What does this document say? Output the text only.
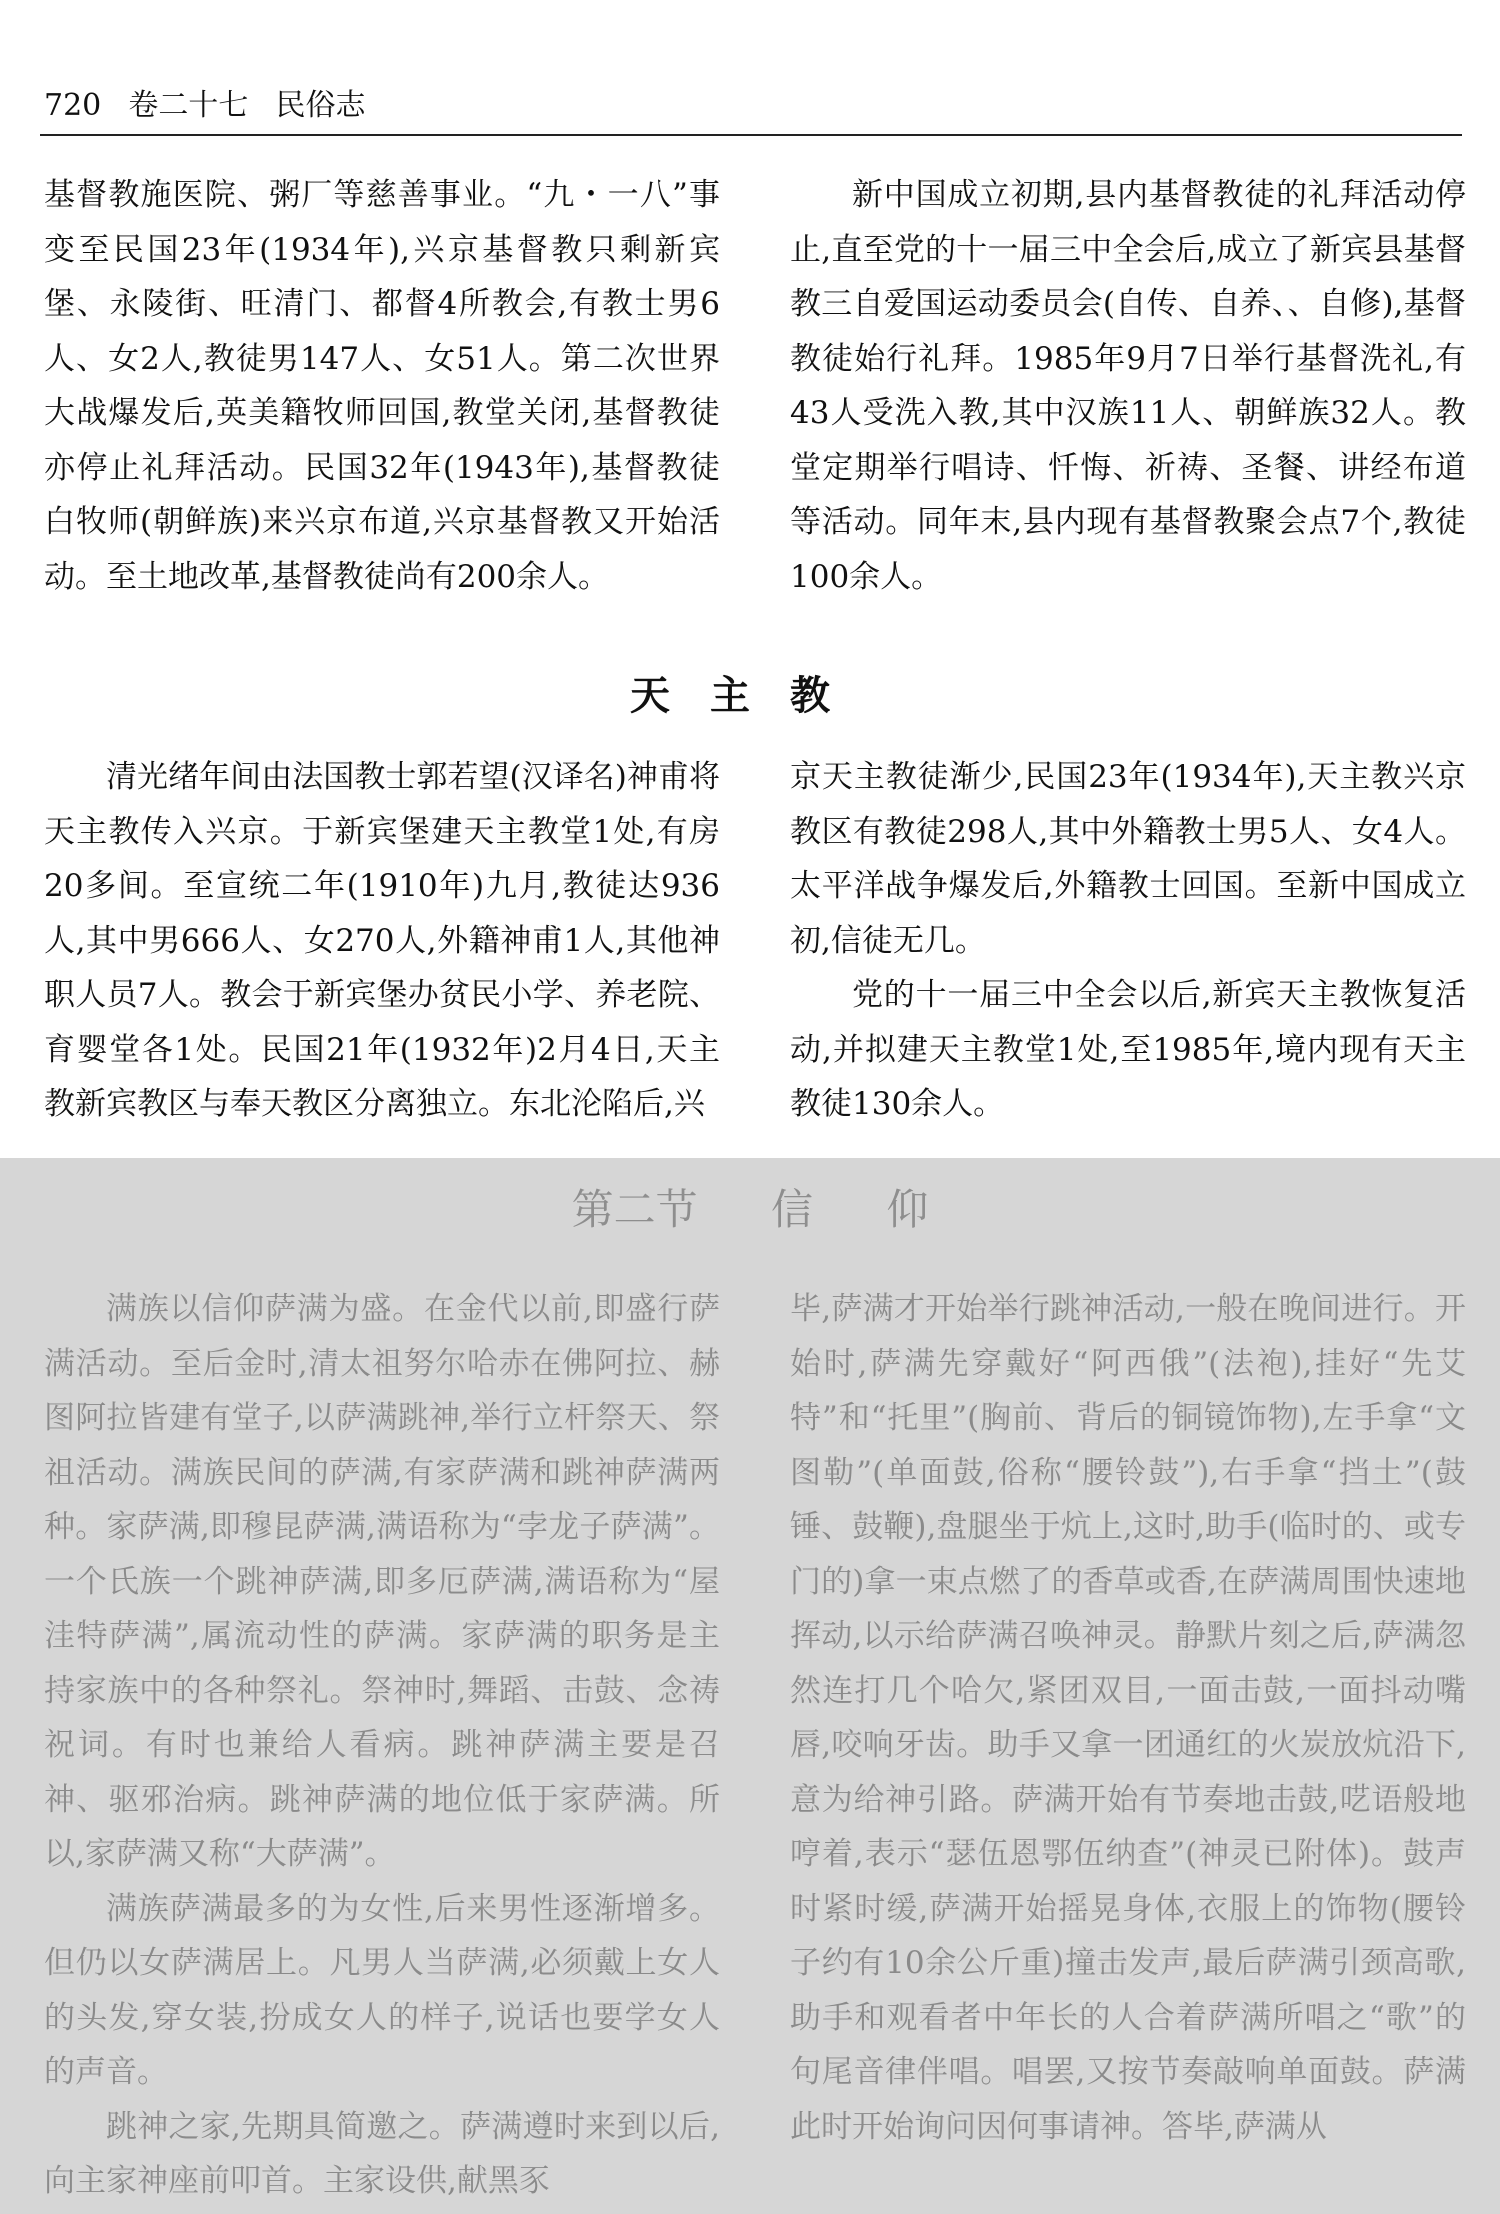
720 卷二十七 民俗志

基督教施医院、粥厂等慈善事业。“九・一八”事变至民国23年(1934年),兴京基督教只剩新宾堡、永陵街、旺清门、都督4所教会,有教士男6人、女2人,教徒男147人、女51人。第二次世界大战爆发后,英美籍牧师回国,教堂关闭,基督教徒亦停止礼拜活动。民国32年(1943年),基督教徒白牧师(朝鲜族)来兴京布道,兴京基督教又开始活动。至土地改革,基督教徒尚有200余人。

新中国成立初期,县内基督教徒的礼拜活动停止,直至党的十一届三中全会后,成立了新宾县基督教三自爱国运动委员会(自传、自养、、自修),基督教徒始行礼拜。1985年9月7日举行基督洗礼,有43人受洗入教,其中汉族11人、朝鲜族32人。教堂定期举行唱诗、忏悔、祈祷、圣餐、讲经布道等活动。同年末,县内现有基督教聚会点7个,教徒100余人。

天主教

清光绪年间由法国教士郭若望(汉译名)神甫将天主教传入兴京。于新宾堡建天主教堂1处,有房20多间。至宣统二年(1910年)九月,教徒达936人,其中男666人、女270人,外籍神甫1人,其他神职人员7人。教会于新宾堡办贫民小学、养老院、育婴堂各1处。民国21年(1932年)2月4日,天主教新宾教区与奉天教区分离独立。东北沦陷后,兴

京天主教徒渐少,民国23年(1934年),天主教兴京教区有教徒298人,其中外籍教士男5人、女4人。太平洋战争爆发后,外籍教士回国。至新中国成立初,信徒无几。

党的十一届三中全会以后,新宾天主教恢复活动,并拟建天主教堂1处,至1985年,境内现有天主教徒130余人。

第二节 信 仰

满族以信仰萨满为盛。在金代以前,即盛行萨满活动。至后金时,清太祖努尔哈赤在佛阿拉、赫图阿拉皆建有堂子,以萨满跳神,举行立杆祭天、祭祖活动。满族民间的萨满,有家萨满和跳神萨满两种。家萨满,即穆昆萨满,满语称为“孛龙子萨满”。一个氏族一个跳神萨满,即多厄萨满,满语称为“屋洼特萨满”,属流动性的萨满。家萨满的职务是主持家族中的各种祭礼。祭神时,舞蹈、击鼓、念祷祝词。有时也兼给人看病。跳神萨满主要是召神、驱邪治病。跳神萨满的地位低于家萨满。所以,家萨满又称“大萨满”。

满族萨满最多的为女性,后来男性逐渐增多。但仍以女萨满居上。凡男人当萨满,必须戴上女人的头发,穿女装,扮成女人的样子,说话也要学女人的声音。

跳神之家,先期具简邀之。萨满遵时来到以后,向主家神座前叩首。主家设供,献黑豕

毕,萨满才开始举行跳神活动,一般在晚间进行。开始时,萨满先穿戴好“阿西俄”(法袍),挂好“先艾特”和“托里”(胸前、背后的铜镜饰物),左手拿“文图勒”(单面鼓,俗称“腰铃鼓”),右手拿“挡土”(鼓锤、鼓鞭),盘腿坐于炕上,这时,助手(临时的、或专门的)拿一束点燃了的香草或香,在萨满周围快速地挥动,以示给萨满召唤神灵。静默片刻之后,萨满忽然连打几个哈欠,紧团双目,一面击鼓,一面抖动嘴唇,咬响牙齿。助手又拿一团通红的火炭放炕沿下,意为给神引路。萨满开始有节奏地击鼓,呓语般地哼着,表示“瑟伍恩鄂伍纳查”(神灵已附体)。鼓声时紧时缓,萨满开始摇晃身体,衣服上的饰物(腰铃子约有10余公斤重)撞击发声,最后萨满引颈高歌,助手和观看者中年长的人合着萨满所唱之“歌”的句尾音律伴唱。唱罢,又按节奏敲响单面鼓。萨满此时开始询问因何事请神。答毕,萨满从
